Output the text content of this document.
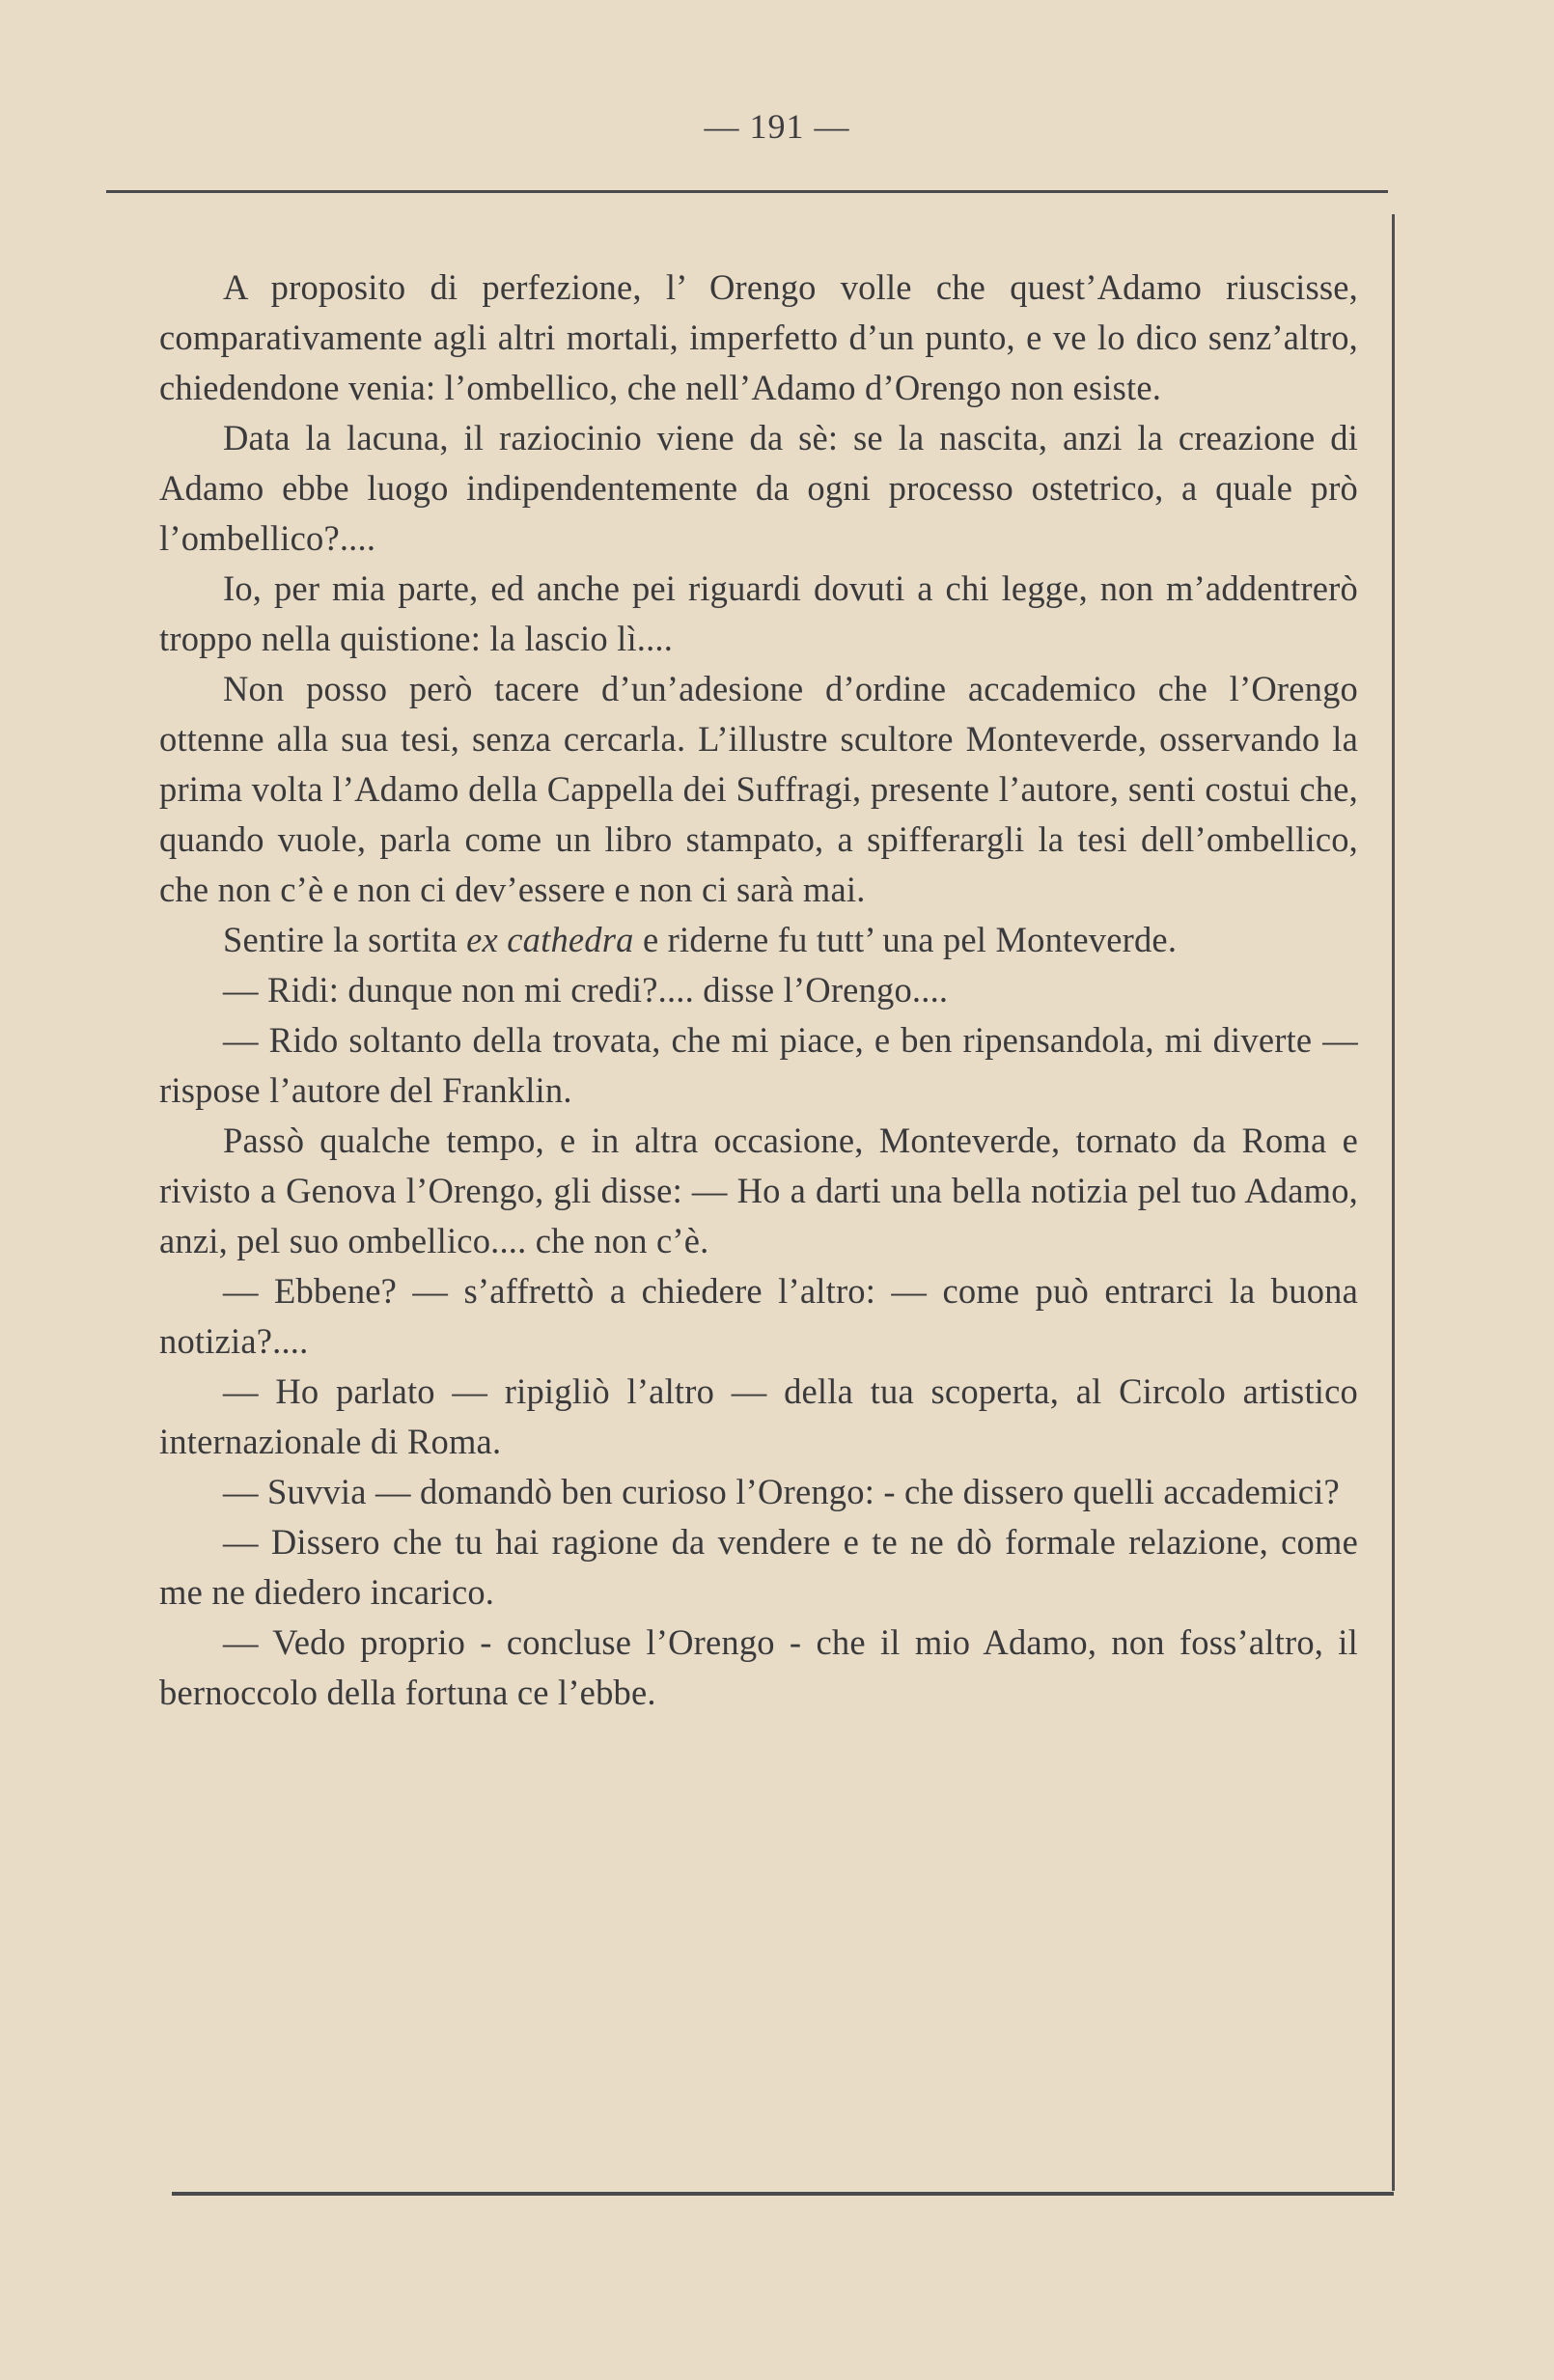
— 191 —

A proposito di perfezione, l’ Orengo volle che quest’Adamo riuscisse, comparativamente agli altri mortali, imperfetto d’un punto, e ve lo dico senz’altro, chiedendone venia: l’ombellico, che nell’Adamo d’Orengo non esiste.

Data la lacuna, il raziocinio viene da sè: se la nascita, anzi la creazione di Adamo ebbe luogo indipendentemente da ogni processo ostetrico, a quale prò l’ombellico?....

Io, per mia parte, ed anche pei riguardi dovuti a chi legge, non m’addentrerò troppo nella quistione: la lascio lì....

Non posso però tacere d’un’adesione d’ordine accademico che l’Orengo ottenne alla sua tesi, senza cercarla. L’illustre scultore Monteverde, osservando la prima volta l’Adamo della Cappella dei Suffragi, presente l’autore, senti costui che, quando vuole, parla come un libro stampato, a spifferargli la tesi dell’ombellico, che non c’è e non ci dev’essere e non ci sarà mai.

Sentire la sortita ex cathedra e riderne fu tutt’ una pel Monteverde.

— Ridi: dunque non mi credi?.... disse l’Orengo....

— Rido soltanto della trovata, che mi piace, e ben ripensandola, mi diverte — rispose l’autore del Franklin.

Passò qualche tempo, e in altra occasione, Monteverde, tornato da Roma e rivisto a Genova l’Orengo, gli disse: — Ho a darti una bella notizia pel tuo Adamo, anzi, pel suo ombellico.... che non c’è.

— Ebbene? — s’affrettò a chiedere l’altro: — come può entrarci la buona notizia?....

— Ho parlato — ripigliò l’altro — della tua scoperta, al Circolo artistico internazionale di Roma.

— Suvvia — domandò ben curioso l’Orengo: - che dissero quelli accademici?

— Dissero che tu hai ragione da vendere e te ne dò formale relazione, come me ne diedero incarico.

— Vedo proprio - concluse l’Orengo - che il mio Adamo, non foss’altro, il bernoccolo della fortuna ce l’ebbe.
